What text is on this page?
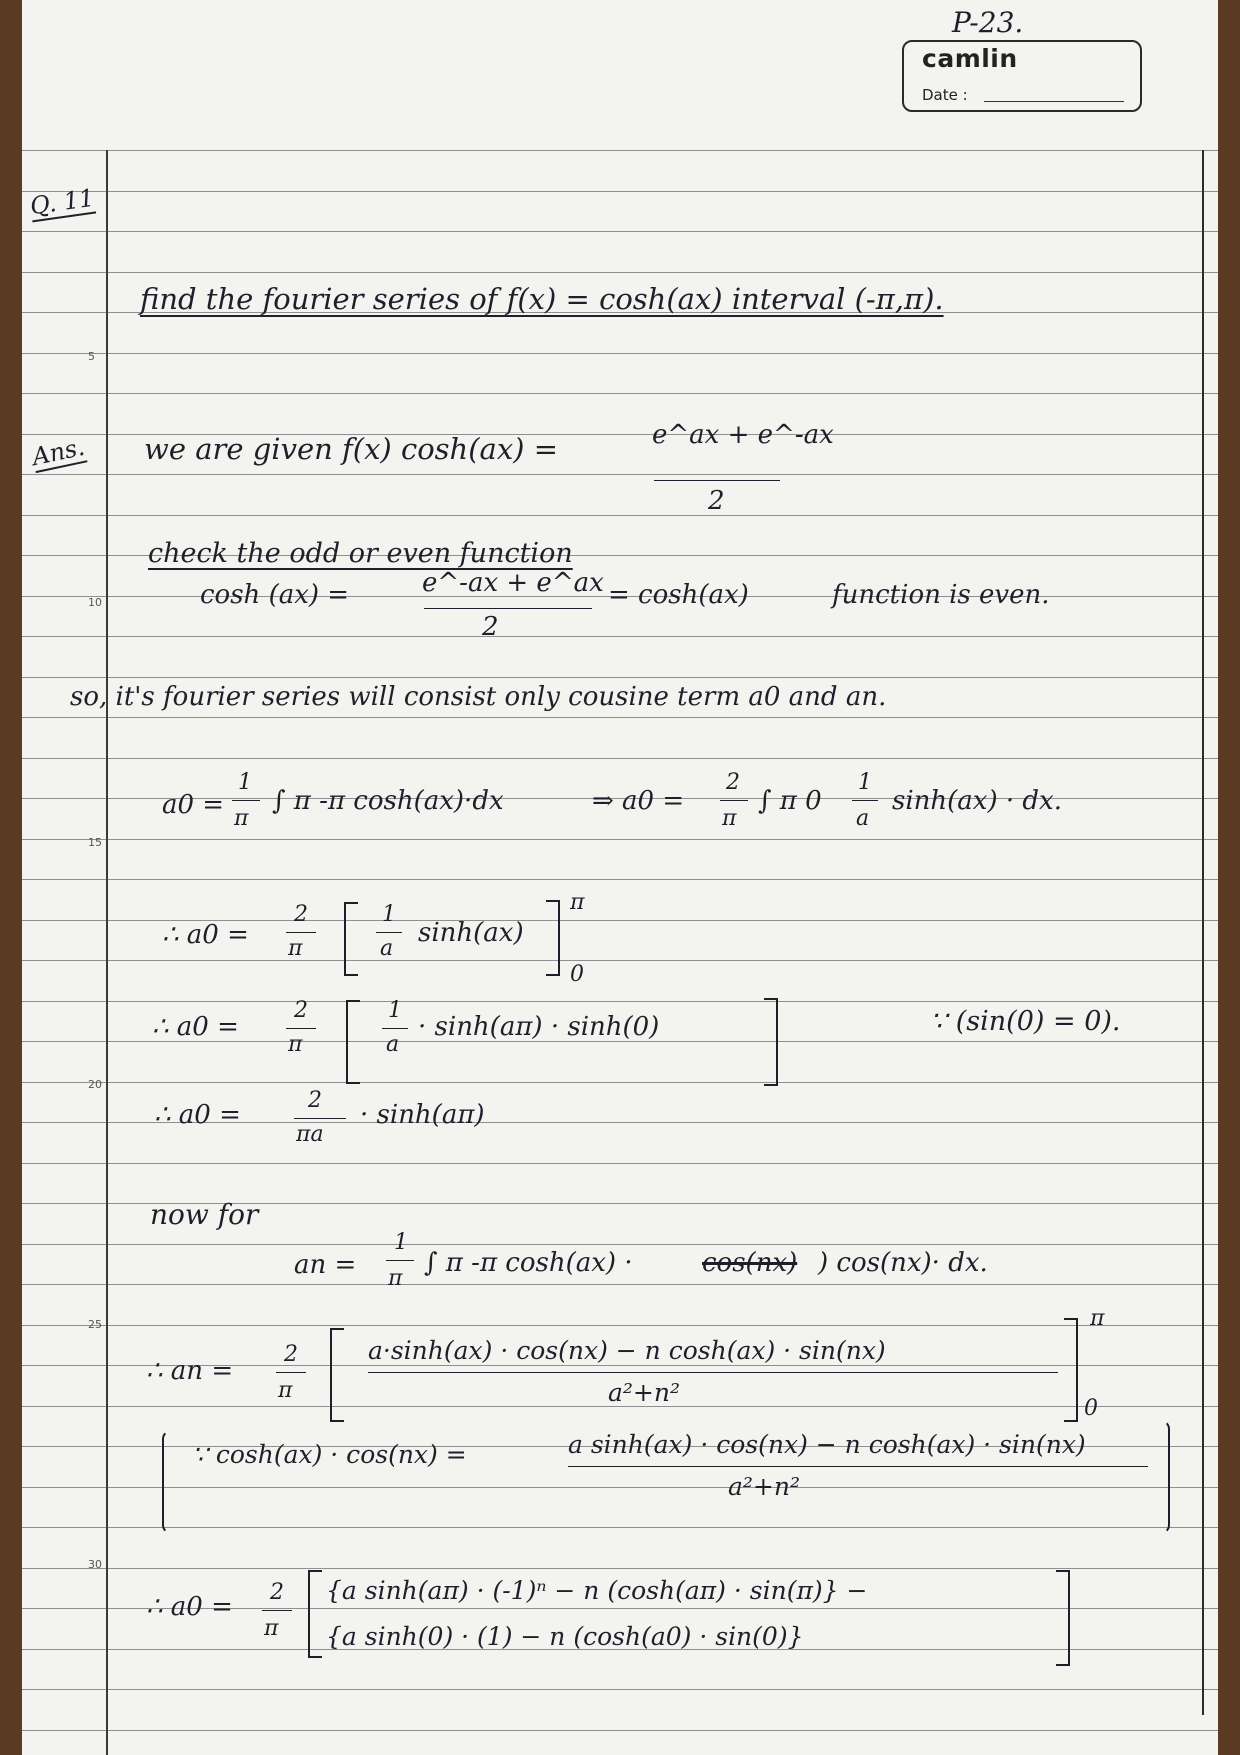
P-23.
camlin
Date :
5
10
15
20
25
30
Q. 11
find the fourier series of f(x) = cosh(ax) interval (-π,π).
Ans. we are given f(x) cosh(ax) =	e^ax + e^-ax
2
check the odd or even function
cosh (ax) =	e^-ax + e^ax
2
= cosh(ax)	function is even.
so, it's fourier series will consist only cousine term a0 and an.
a0 =
1
π
∫ π -π cosh(ax)·dx	⇒ a0 =
2
π
∫ π 0
1
a
sinh(ax) · dx.
∴ a0 =
2
π
1
a
sinh(ax)
π
0
∴ a0 =
2
π
1
a
· sinh(aπ) · sinh(0)	∵ (sin(0) = 0).
∴ a0 =	2
πa
· sinh(aπ)
now for
an =
1
π
∫ π -π cosh(ax) ·	cos(nx) ) cos(nx)· dx.
∴ an =
2
π
a·sinh(ax) · cos(nx) − n cosh(ax) · sin(nx)
a²+n²
π
0
∵ cosh(ax) · cos(nx) =	a sinh(ax) · cos(nx) − n cosh(ax) · sin(nx)
a²+n²
∴ a0 = 2
π
{a sinh(aπ) · (-1)ⁿ − n (cosh(aπ) · sin(π)} −
{a sinh(0) · (1) − n (cosh(a0) · sin(0)}
